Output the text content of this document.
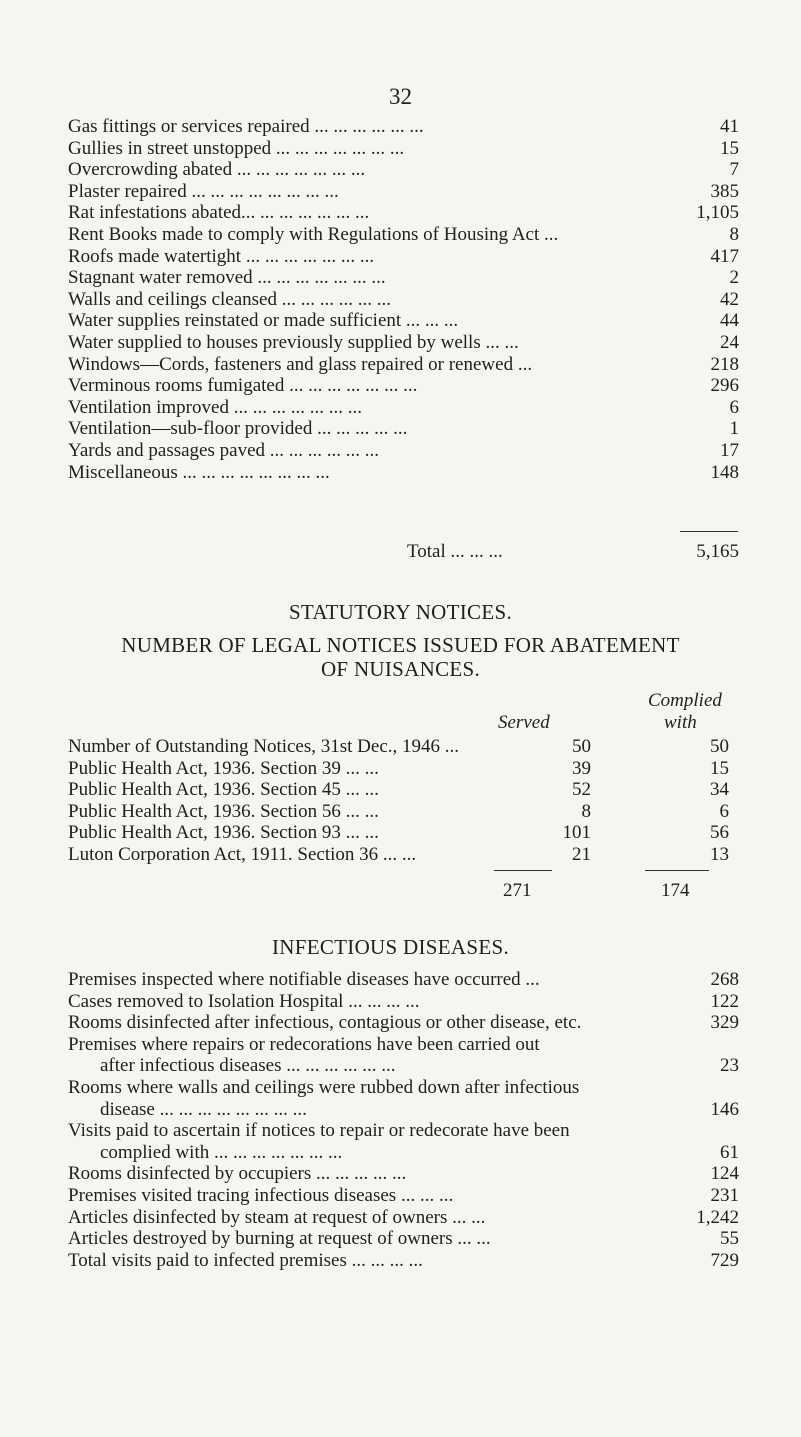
32
Gas fittings or services repaired ... ... ... ... ... ...	41
Gullies in street unstopped ... ... ... ... ... ... ...	15
Overcrowding abated ... ... ... ... ... ... ...	7
Plaster repaired ... ... ... ... ... ... ... ...	385
Rat infestations abated... ... ... ... ... ... ...	1,105
Rent Books made to comply with Regulations of Housing Act ...	8
Roofs made watertight ... ... ... ... ... ... ...	417
Stagnant water removed ... ... ... ... ... ... ...	2
Walls and ceilings cleansed ... ... ... ... ... ...	42
Water supplies reinstated or made sufficient ... ... ...	44
Water supplied to houses previously supplied by wells ... ...	24
Windows—Cords, fasteners and glass repaired or renewed ...	218
Verminous rooms fumigated ... ... ... ... ... ... ...	296
Ventilation improved ... ... ... ... ... ... ...	6
Ventilation—sub-floor provided ... ... ... ... ...	1
Yards and passages paved ... ... ... ... ... ...	17
Miscellaneous ... ... ... ... ... ... ... ...	148
Total ... ... ...	5,165
STATUTORY NOTICES.
NUMBER OF LEGAL NOTICES ISSUED FOR ABATEMENT
OF NUISANCES.
Complied
Served	with
Number of Outstanding Notices, 31st Dec., 1946 ...	50	50
Public Health Act, 1936. Section 39 ... ...	39	15
Public Health Act, 1936. Section 45 ... ...	52	34
Public Health Act, 1936. Section 56 ... ...	8	6
Public Health Act, 1936. Section 93 ... ...	101	56
Luton Corporation Act, 1911. Section 36 ... ...	21	13
271	174
INFECTIOUS DISEASES.
Premises inspected where notifiable diseases have occurred ...	268
Cases removed to Isolation Hospital ... ... ... ...	122
Rooms disinfected after infectious, contagious or other disease, etc.	329
Premises where repairs or redecorations have been carried out
after infectious diseases ... ... ... ... ... ...	23
Rooms where walls and ceilings were rubbed down after infectious
disease ... ... ... ... ... ... ... ...	146
Visits paid to ascertain if notices to repair or redecorate have been
complied with ... ... ... ... ... ... ...	61
Rooms disinfected by occupiers ... ... ... ... ...	124
Premises visited tracing infectious diseases ... ... ...	231
Articles disinfected by steam at request of owners ... ...	1,242
Articles destroyed by burning at request of owners ... ...	55
Total visits paid to infected premises ... ... ... ...	729
